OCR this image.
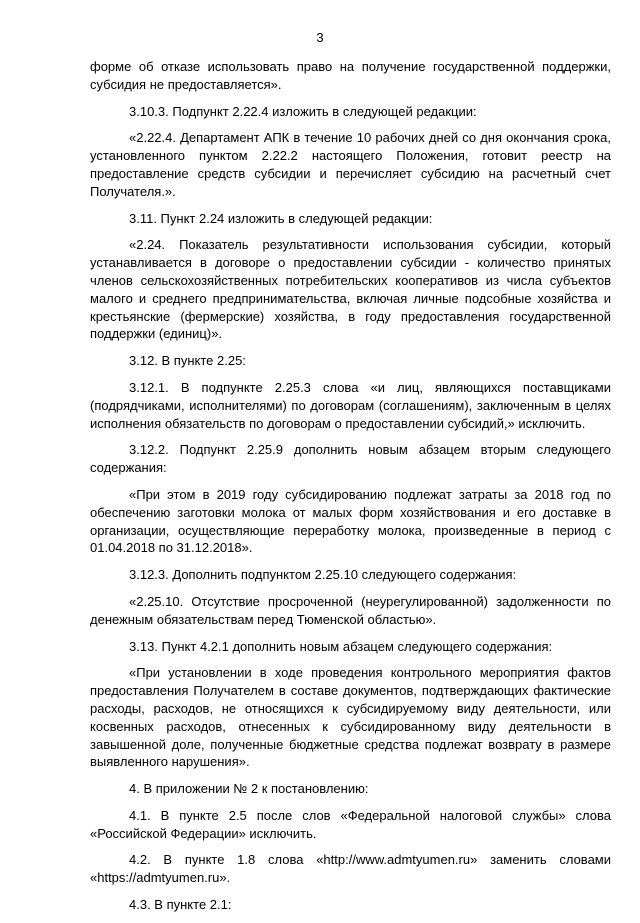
3

форме об отказе использовать право на получение государственной поддержки, субсидия не предоставляется».

3.10.3. Подпункт 2.22.4 изложить в следующей редакции:

«2.22.4. Департамент АПК в течение 10 рабочих дней со дня окончания срока, установленного пунктом 2.22.2 настоящего Положения, готовит реестр на предоставление средств субсидии и перечисляет субсидию на расчетный счет Получателя.».

3.11. Пункт 2.24 изложить в следующей редакции:

«2.24. Показатель результативности использования субсидии, который устанавливается в договоре о предоставлении субсидии - количество принятых членов сельскохозяйственных потребительских кооперативов из числа субъектов малого и среднего предпринимательства, включая личные подсобные хозяйства и крестьянские (фермерские) хозяйства, в году предоставления государственной поддержки (единиц)».

3.12. В пункте 2.25:

3.12.1. В подпункте 2.25.3 слова «и лиц, являющихся поставщиками (подрядчиками, исполнителями) по договорам (соглашениям), заключенным в целях исполнения обязательств по договорам о предоставлении субсидий,» исключить.

3.12.2. Подпункт 2.25.9 дополнить новым абзацем вторым следующего содержания:

«При этом в 2019 году субсидированию подлежат затраты за 2018 год по обеспечению заготовки молока от малых форм хозяйствования и его доставке в организации, осуществляющие переработку молока, произведенные в период с 01.04.2018 по 31.12.2018».

3.12.3. Дополнить подпунктом 2.25.10 следующего содержания:

«2.25.10. Отсутствие просроченной (неурегулированной) задолженности по денежным обязательствам перед Тюменской областью».

3.13. Пункт 4.2.1 дополнить новым абзацем следующего содержания:

«При установлении в ходе проведения контрольного мероприятия фактов предоставления Получателем в составе документов, подтверждающих фактические расходы, расходов, не относящихся к субсидируемому виду деятельности, или косвенных расходов, отнесенных к субсидированному виду деятельности в завышенной доле, полученные бюджетные средства подлежат возврату в размере выявленного нарушения».

4. В приложении № 2 к постановлению:

4.1. В пункте 2.5 после слов «Федеральной налоговой службы» слова «Российской Федерации» исключить.

4.2. В пункте 1.8 слова «http://www.admtyumen.ru» заменить словами «https://admtyumen.ru».

4.3. В пункте 2.1:
